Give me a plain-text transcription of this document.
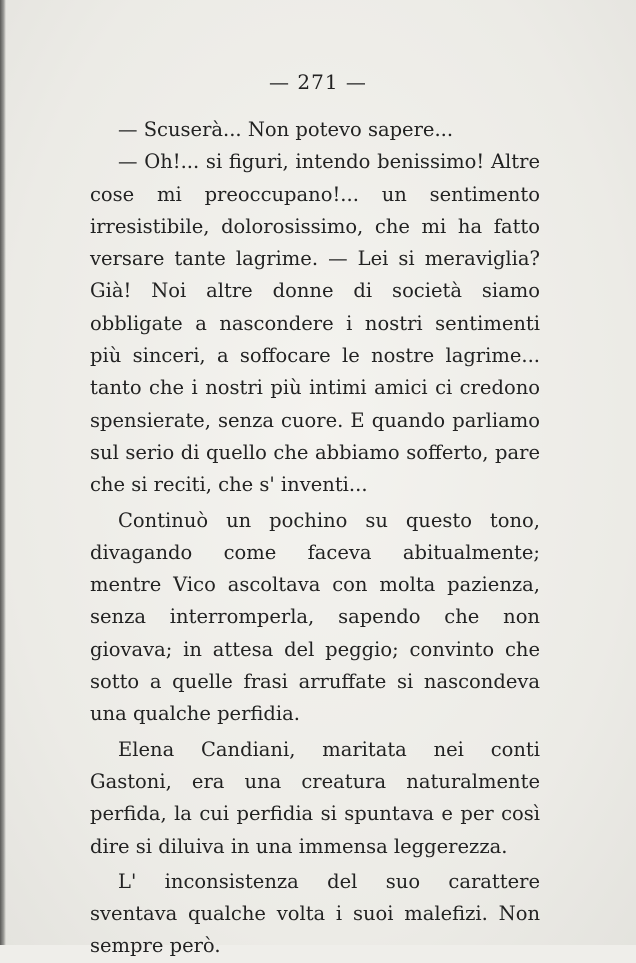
— 271 —

— Scuserà... Non potevo sapere...

— Oh!... si figuri, intendo benissimo! Altre cose mi preoccupano!... un sentimento irresistibile, dolorosissimo, che mi ha fatto versare tante lagrime. — Lei si meraviglia? Già! Noi altre donne di società siamo obbligate a nascondere i nostri sentimenti più sinceri, a soffocare le nostre lagrime... tanto che i nostri più intimi amici ci credono spensierate, senza cuore. E quando parliamo sul serio di quello che abbiamo sofferto, pare che si reciti, che s' inventi...

Continuò un pochino su questo tono, divagando come faceva abitualmente; mentre Vico ascoltava con molta pazienza, senza interromperla, sapendo che non giovava; in attesa del peggio; convinto che sotto a quelle frasi arruffate si nascondeva una qualche perfidia.

Elena Candiani, maritata nei conti Gastoni, era una creatura naturalmente perfida, la cui perfidia si spuntava e per così dire si diluiva in una immensa leggerezza.

L' inconsistenza del suo carattere sventava qualche volta i suoi malefizi. Non sempre però.
